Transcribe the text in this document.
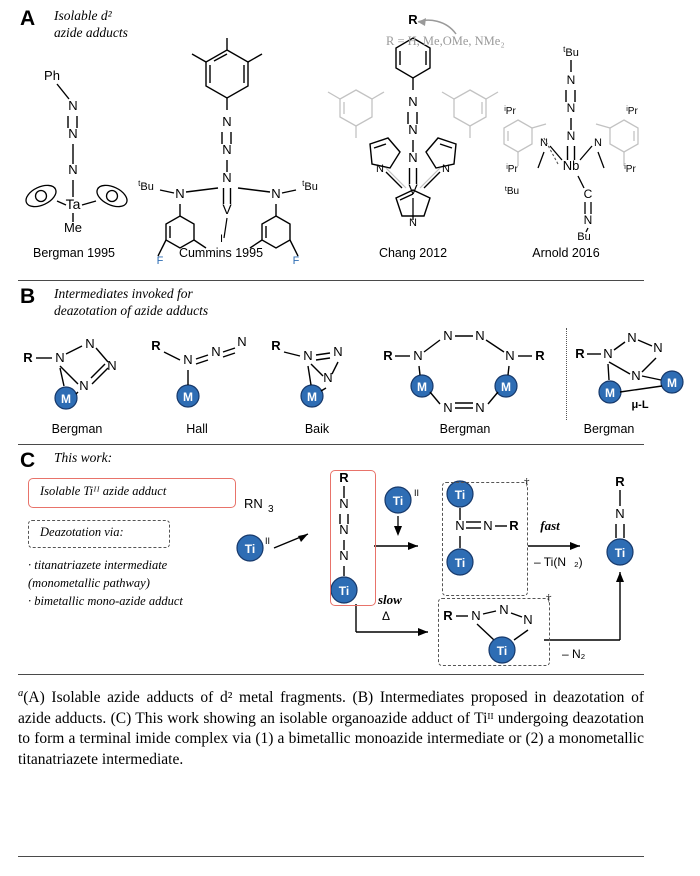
A Isolable d²
azide adducts
Ph
N
N
N
Ta
Me
Bergman 1995
N
N
N
V
I
N	N
$^t$Bu	$^t$Bu
F	F
Cummins 1995
R
N
N
N
V
N	N
N
Chang 2012
R = H, Me,OMe, NMe₂
$^t$Bu
N
N
N
Nb
C
N
Bu
$^i$Pr	$^i$Pr
$^i$Pr	$^i$Pr
N	N
$^t$Bu
Arnold 2016
B Intermediates invoked for
deazotation of azide adducts
R N
N
N
N
M
Bergman
R
N
N
N
M
Hall
R
N N
N
M
Baik
R N
N N
N R
N N
M	M
Bergman
R N
N
N
N
M
M
μ-L
Bergman
C This work:
Isolable Tiᴵᴵ azide adduct
Deazotation via:
· titanatriazete intermediate
(monometallic pathway)
· bimetallic mono-azide adduct
RN 3
Ti
II
R
N
N
N
Ti
Ti
II	Ti
N N R
Ti
fast
– Ti(N ₂)
R
N
Ti
slow
Δ	R N N
N
Ti	– N₂
†
†
$^a$(A) Isolable azide adducts of d² metal fragments. (B) Intermediates proposed in deazotation of azide adducts. (C) This work showing an isolable organoazide adduct of Tiᴵᴵ undergoing deazotation to form a terminal imide complex via (1) a bimetallic monoazide intermediate or (2) a monometallic titanatriazete intermediate.
